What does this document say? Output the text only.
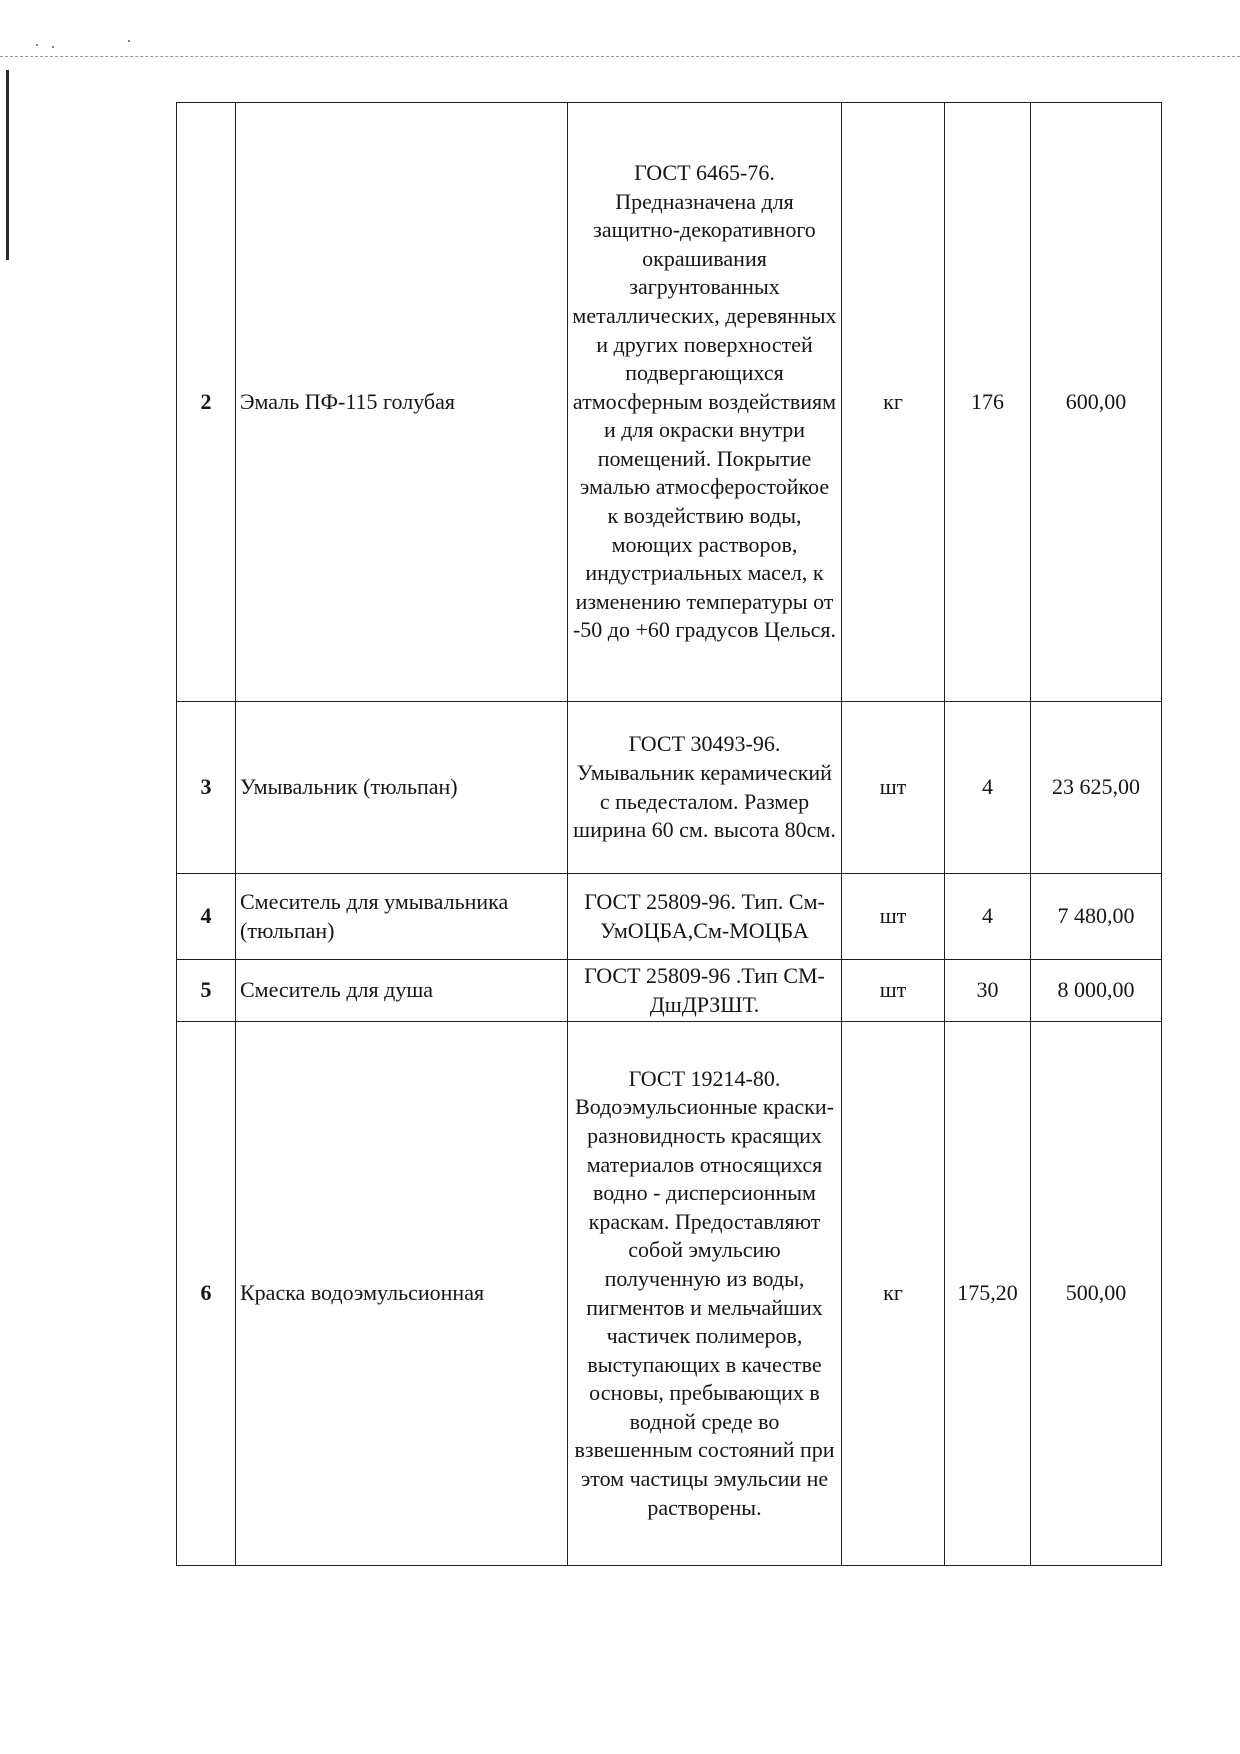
2	Эмаль ПФ-115 голубая	ГОСТ 6465-76. Предназначена для защитно-декоративного окрашивания загрунтованных металлических, деревянных и других поверхностей подвергающихся атмосферным воздействиям и для окраски внутри помещений. Покрытие эмалью атмосферостойкое к воздействию воды, моющих растворов, индустриальных масел, к изменению температуры от -50 до +60 градусов Целься.	кг	176	600,00
3	Умывальник (тюльпан)	ГОСТ 30493-96. Умывальник керамический с пьедесталом. Размер ширина 60 см. высота 80см.	шт	4	23 625,00
4	Смеситель для умывальника (тюльпан)	ГОСТ 25809-96. Тип. См-УмОЦБА,См-МОЦБА	шт	4	7 480,00
5	Смеситель для душа	ГОСТ 25809-96 .Тип СМ-ДшДРЗШТ.	шт	30	8 000,00
6	Краска водоэмульсионная	ГОСТ 19214-80. Водоэмульсионные краски-разновидность красящих материалов относящихся водно - дисперсионным краскам. Предоставляют собой эмульсию полученную из воды, пигментов и мельчайших частичек полимеров, выступающих в качестве основы, пребывающих в водной среде во взвешенным состояний при этом частицы эмульсии не растворены.	кг	175,20	500,00
